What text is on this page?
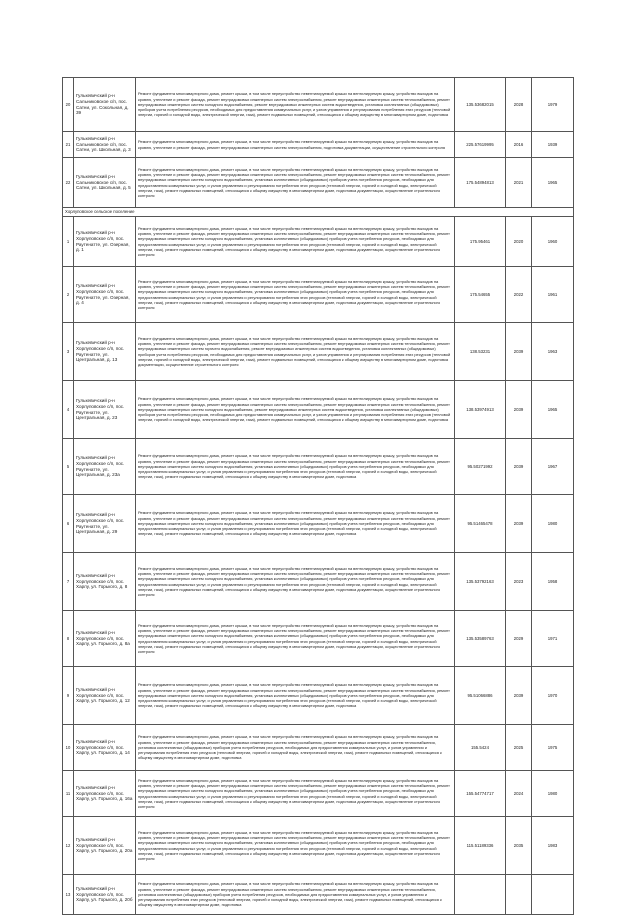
20	Гулькевичский р-н Сальниковское с/п, пос. Сатни, ул. Сокольная, д. 39	Ремонт фундамента многоквартирного дома, ремонт крыши, в том числе переустройство невентилируемой крыши на вентилируемую крышу, устройство выходов на кровлю, утепление и ремонт фасада, ремонт внутридомовых инженерных систем электроснабжения, ремонт внутридомовых инженерных систем теплоснабжения, ремонт внутридомовых инженерных систем холодного водоснабжения, ремонт внутридомовых инженерных систем водоотведения, установка коллективных (общедомовых) приборов учета потребления ресурсов, необходимых для предоставления коммунальных услуг, и узлов управления и регулирования потребления этих ресурсов (тепловой энергии, горячей и холодной воды, электрической энергии, газа), ремонт подвальных помещений, относящихся к общему имуществу в многоквартирном доме, подготовка	135.53682015	2028	1979
21	Гулькевичский р-н Сальниковское с/п, пос. Сатни, ул. Школьная, д. 3	Ремонт фундамента многоквартирного дома, ремонт крыши, в том числе переустройство невентилируемой крыши на вентилируемую крышу, устройство выходов на кровлю, утепление и ремонт фасада, ремонт внутридомовых инженерных систем электроснабжения, подготовка документации, осуществление строительного контроля	225.57619995	2016	1939
22	Гулькевичский р-н Сальниковское с/п, пос. Сатни, ул. Школьная, д. 5	Ремонт фундамента многоквартирного дома, ремонт крыши, в том числе переустройство невентилируемой крыши на вентилируемую крышу, устройство выходов на кровлю, утепление и ремонт фасада, ремонт внутридомовых инженерных систем электроснабжения, ремонт внутридомовых инженерных систем теплоснабжения, ремонт внутридомовых инженерных систем холодного водоснабжения, установка коллективных (общедомовых) приборов учета потребления ресурсов, необходимых для предоставления коммунальных услуг, и узлов управления и регулирования потребления этих ресурсов (тепловой энергии, горячей и холодной воды, электрической энергии, газа), ремонт подвальных помещений, относящихся к общему имуществу в многоквартирном доме, подготовка документации, осуществление строительного контроля	175.54894813	2021	1965
Хорлуповское сельское поселение					
1	Гулькевичский р-н Хорлуповское с/п, пос. Раутенатте, ул. Озерная, д. 1	Ремонт фундамента многоквартирного дома, ремонт крыши, в том числе переустройство невентилируемой крыши на вентилируемую крышу, устройство выходов на кровлю, утепление и ремонт фасада, ремонт внутридомовых инженерных систем электроснабжения, ремонт внутридомовых инженерных систем теплоснабжения, ремонт внутридомовых инженерных систем холодного водоснабжения, установка коллективных (общедомовых) приборов учета потребления ресурсов, необходимых для предоставления коммунальных услуг, и узлов управления и регулирования потребления этих ресурсов (тепловой энергии, горячей и холодной воды, электрической энергии, газа), ремонт подвальных помещений, относящихся к общему имуществу в многоквартирном доме, подготовка документации, осуществление строительного контроля	175.95461	2020	1960
2	Гулькевичский р-н Хорлуповское с/п, пос. Раутенатте, ул. Озерная, д. 4	Ремонт фундамента многоквартирного дома, ремонт крыши, в том числе переустройство невентилируемой крыши на вентилируемую крышу, устройство выходов на кровлю, утепление и ремонт фасада, ремонт внутридомовых инженерных систем электроснабжения, ремонт внутридомовых инженерных систем теплоснабжения, ремонт внутридомовых инженерных систем холодного водоснабжения, установка коллективных (общедомовых) приборов учета потребления ресурсов, необходимых для предоставления коммунальных услуг, и узлов управления и регулирования потребления этих ресурсов (тепловой энергии, горячей и холодной воды, электрической энергии, газа), ремонт подвальных помещений, относящихся к общему имуществу в многоквартирном доме, подготовка документации, осуществление строительного контроля	175.54655	2022	1961
3	Гулькевичский р-н Хорлуповское с/п, пос. Раутенатте, ул. Центральная, д. 13	Ремонт фундамента многоквартирного дома, ремонт крыши, в том числе переустройство невентилируемой крыши на вентилируемую крышу, устройство выходов на кровлю, утепление и ремонт фасада, ремонт внутридомовых инженерных систем электроснабжения, ремонт внутридомовых инженерных систем теплоснабжения, ремонт внутридомовых инженерных систем горячего водоснабжения, ремонт внутридомовых инженерных систем водоотведения, установка коллективных (общедомовых) приборов учета потребления ресурсов, необходимых для предоставления коммунальных услуг, и узлов управления и регулирования потребления этих ресурсов (тепловой энергии, горячей и холодной воды, электрической энергии, газа), ремонт подвальных помещений, относящихся к общему имуществу в многоквартирном доме, подготовка документации, осуществление строительного контроля	138.53231	2039	1963
4	Гулькевичский р-н Хорлуповское с/п, пос. Раутенатте, ул. Центральная, д. 23	Ремонт фундамента многоквартирного дома, ремонт крыши, в том числе переустройство невентилируемой крыши на вентилируемую крышу, устройство выходов на кровлю, утепление и ремонт фасада, ремонт внутридомовых инженерных систем электроснабжения, ремонт внутридомовых инженерных систем теплоснабжения, ремонт внутридомовых инженерных систем холодного водоснабжения, ремонт внутридомовых инженерных систем водоотведения, установка коллективных (общедомовых) приборов учета потребления ресурсов, необходимых для предоставления коммунальных услуг, и узлов управления и регулирования потребления этих ресурсов (тепловой энергии, горячей и холодной воды, электрической энергии, газа), ремонт подвальных помещений, относящихся к общему имуществу в многоквартирном доме, подготовка	138.53974913	2039	1965
5	Гулькевичский р-н Хорлуповское с/п, пос. Раутенатте, ул. Центральная, д. 23а	Ремонт фундамента многоквартирного дома, ремонт крыши, в том числе переустройство невентилируемой крыши на вентилируемую крышу, устройство выходов на кровлю, утепление и ремонт фасада, ремонт внутридомовых инженерных систем электроснабжения, ремонт внутридомовых инженерных систем теплоснабжения, ремонт внутридомовых инженерных систем холодного водоснабжения, установка коллективных (общедомовых) приборов учета потребления ресурсов, необходимых для предоставления коммунальных услуг, и узлов управления и регулирования потребления этих ресурсов (тепловой энергии, горячей и холодной воды, электрической энергии, газа), ремонт подвальных помещений, относящихся к общему имуществу в многоквартирном доме, подготовка	95.50271992	2039	1967
6	Гулькевичский р-н Хорлуповское с/п, пос. Раутенатте, ул. Центральная, д. 29	Ремонт фундамента многоквартирного дома, ремонт крыши, в том числе переустройство невентилируемой крыши на вентилируемую крышу, устройство выходов на кровлю, утепление и ремонт фасада, ремонт внутридомовых инженерных систем электроснабжения, ремонт внутридомовых инженерных систем теплоснабжения, ремонт внутридомовых инженерных систем холодного водоснабжения, установка коллективных (общедомовых) приборов учета потребления ресурсов, необходимых для предоставления коммунальных услуг, и узлов управления и регулирования потребления этих ресурсов (тепловой энергии, горячей и холодной воды, электрической энергии, газа), ремонт подвальных помещений, относящихся к общему имуществу в многоквартирном доме, подготовка	95.51465478	2039	1980
7	Гулькевичский р-н Хорлуповское с/п, пос. Харлу, ул. Горького, д. 8	Ремонт фундамента многоквартирного дома, ремонт крыши, в том числе переустройство невентилируемой крыши на вентилируемую крышу, устройство выходов на кровлю, утепление и ремонт фасада, ремонт внутридомовых инженерных систем электроснабжения, ремонт внутридомовых инженерных систем теплоснабжения, ремонт внутридомовых инженерных систем холодного водоснабжения, установка коллективных (общедомовых) приборов учета потребления ресурсов, необходимых для предоставления коммунальных услуг, и узлов управления и регулирования потребления этих ресурсов (тепловой энергии, горячей и холодной воды, электрической энергии, газа), ремонт подвальных помещений, относящихся к общему имуществу в многоквартирном доме, подготовка документации, осуществление строительного контроля	135.53792163	2023	1958
8	Гулькевичский р-н Хорлуповское с/п, пос. Харлу, ул. Горького, д. 8а	Ремонт фундамента многоквартирного дома, ремонт крыши, в том числе переустройство невентилируемой крыши на вентилируемую крышу, устройство выходов на кровлю, утепление и ремонт фасада, ремонт внутридомовых инженерных систем электроснабжения, ремонт внутридомовых инженерных систем теплоснабжения, ремонт внутридомовых инженерных систем холодного водоснабжения, установка коллективных (общедомовых) приборов учета потребления ресурсов, необходимых для предоставления коммунальных услуг, и узлов управления и регулирования потребления этих ресурсов (тепловой энергии, горячей и холодной воды, электрической энергии, газа), ремонт подвальных помещений, относящихся к общему имуществу в многоквартирном доме, подготовка документации, осуществление строительного контроля	135.53589763	2029	1971
9	Гулькевичский р-н Хорлуповское с/п, пос. Харлу, ул. Горького, д. 12	Ремонт фундамента многоквартирного дома, ремонт крыши, в том числе переустройство невентилируемой крыши на вентилируемую крышу, устройство выходов на кровлю, утепление и ремонт фасада, ремонт внутридомовых инженерных систем электроснабжения, ремонт внутридомовых инженерных систем теплоснабжения, ремонт внутридомовых инженерных систем холодного водоснабжения, установка коллективных (общедомовых) приборов учета потребления ресурсов, необходимых для предоставления коммунальных услуг, и узлов управления и регулирования потребления этих ресурсов (тепловой энергии, горячей и холодной воды, электрической энергии, газа), ремонт подвальных помещений, относящихся к общему имуществу в многоквартирном доме, подготовка	95.51066886	2039	1970
10	Гулькевичский р-н Хорлуповское с/п, пос. Харлу, ул. Горького, д. 14	Ремонт фундамента многоквартирного дома, ремонт крыши, в том числе переустройство невентилируемой крыши на вентилируемую крышу, устройство выходов на кровлю, утепление и ремонт фасада, ремонт внутридомовых инженерных систем электроснабжения, ремонт внутридомовых инженерных систем теплоснабжения, установка коллективных (общедомовых) приборов учета потребления ресурсов, необходимых для предоставления коммунальных услуг, и узлов управления и регулирования потребления этих ресурсов (тепловой энергии, горячей и холодной воды, электрической энергии, газа), ремонт подвальных помещений, относящихся к общему имуществу в многоквартирном доме, подготовка	155.5424	2025	1975
11	Гулькевичский р-н Хорлуповское с/п, пос. Харлу, ул. Горького, д. 16а	Ремонт фундамента многоквартирного дома, ремонт крыши, в том числе переустройство невентилируемой крыши на вентилируемую крышу, устройство выходов на кровлю, утепление и ремонт фасада, ремонт внутридомовых инженерных систем электроснабжения, ремонт внутридомовых инженерных систем теплоснабжения, ремонт внутридомовых инженерных систем холодного водоснабжения, установка коллективных (общедомовых) приборов учета потребления ресурсов, необходимых для предоставления коммунальных услуг, и узлов управления и регулирования потребления этих ресурсов (тепловой энергии, горячей и холодной воды, электрической энергии, газа), ремонт подвальных помещений, относящихся к общему имуществу в многоквартирном доме, подготовка документации, осуществление строительного контроля	155.54774717	2024	1980
12	Гулькевичский р-н Хорлуповское с/п, пос. Харлу, ул. Горького, д. 20а	Ремонт фундамента многоквартирного дома, ремонт крыши, в том числе переустройство невентилируемой крыши на вентилируемую крышу, устройство выходов на кровлю, утепление и ремонт фасада, ремонт внутридомовых инженерных систем электроснабжения, ремонт внутридомовых инженерных систем теплоснабжения, ремонт внутридомовых инженерных систем холодного водоснабжения, установка коллективных (общедомовых) приборов учета потребления ресурсов, необходимых для предоставления коммунальных услуг, и узлов управления и регулирования потребления этих ресурсов (тепловой энергии, горячей и холодной воды, электрической энергии, газа), ремонт подвальных помещений, относящихся к общему имуществу в многоквартирном доме, подготовка документации, осуществление строительного контроля	115.51189336	2035	1983
13	Гулькевичский р-н Хорлуповское с/п, пос. Харлу, ул. Горького, д. 20б	Ремонт фундамента многоквартирного дома, ремонт крыши, в том числе переустройство невентилируемой крыши на вентилируемую крышу, устройство выходов на кровлю, утепление и ремонт фасада, ремонт внутридомовых инженерных систем электроснабжения, ремонт внутридомовых инженерных систем теплоснабжения, установка коллективных (общедомовых) приборов учета потребления ресурсов, необходимых для предоставления коммунальных услуг, и узлов управления и регулирования потребления этих ресурсов (тепловой энергии, горячей и холодной воды, электрической энергии, газа), ремонт подвальных помещений, относящихся к общему имуществу в многоквартирном доме, подготовка			
